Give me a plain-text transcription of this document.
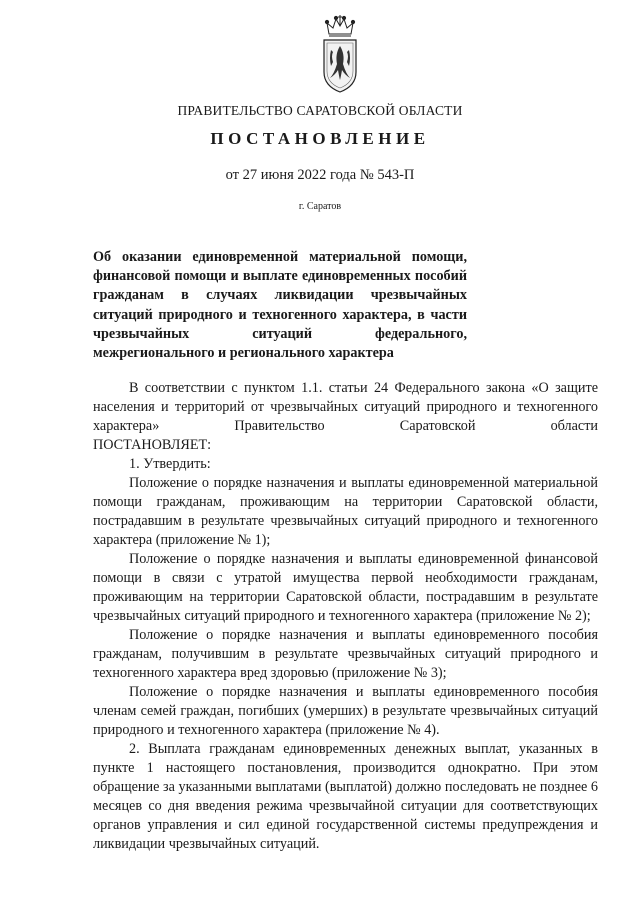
ПРАВИТЕЛЬСТВО САРАТОВСКОЙ ОБЛАСТИ
ПОСТАНОВЛЕНИЕ
от 27 июня 2022 года № 543-П
г. Саратов
Об оказании единовременной материальной помощи, финансовой помощи и выплате единовременных пособий гражданам в случаях ликвидации чрезвычайных ситуаций природного и техногенного характера, в части чрезвычайных ситуаций федерального, межрегионального и регионального характера

В соответствии с пунктом 1.1. статьи 24 Федерального закона «О защите населения и территорий от чрезвычайных ситуаций природного и техногенного характера» Правительство Саратовской области

ПОСТАНОВЛЯЕТ:

1. Утвердить:

Положение о порядке назначения и выплаты единовременной материальной помощи гражданам, проживающим на территории Саратовской области, пострадавшим в результате чрезвычайных ситуаций природного и техногенного характера (приложение № 1);

Положение о порядке назначения и выплаты единовременной финансовой помощи в связи с утратой имущества первой необходимости гражданам, проживающим на территории Саратовской области, пострадавшим в результате чрезвычайных ситуаций природного и техногенного характера (приложение № 2);

Положение о порядке назначения и выплаты единовременного пособия гражданам, получившим в результате чрезвычайных ситуаций природного и техногенного характера вред здоровью (приложение № 3);

Положение о порядке назначения и выплаты единовременного пособия членам семей граждан, погибших (умерших) в результате чрезвычайных ситуаций природного и техногенного характера (приложение № 4).

2. Выплата гражданам единовременных денежных выплат, указанных в пункте 1 настоящего постановления, производится однократно. При этом обращение за указанными выплатами (выплатой) должно последовать не позднее 6 месяцев со дня введения режима чрезвычайной ситуации для соответствующих органов управления и сил единой государственной системы предупреждения и ликвидации чрезвычайных ситуаций.
